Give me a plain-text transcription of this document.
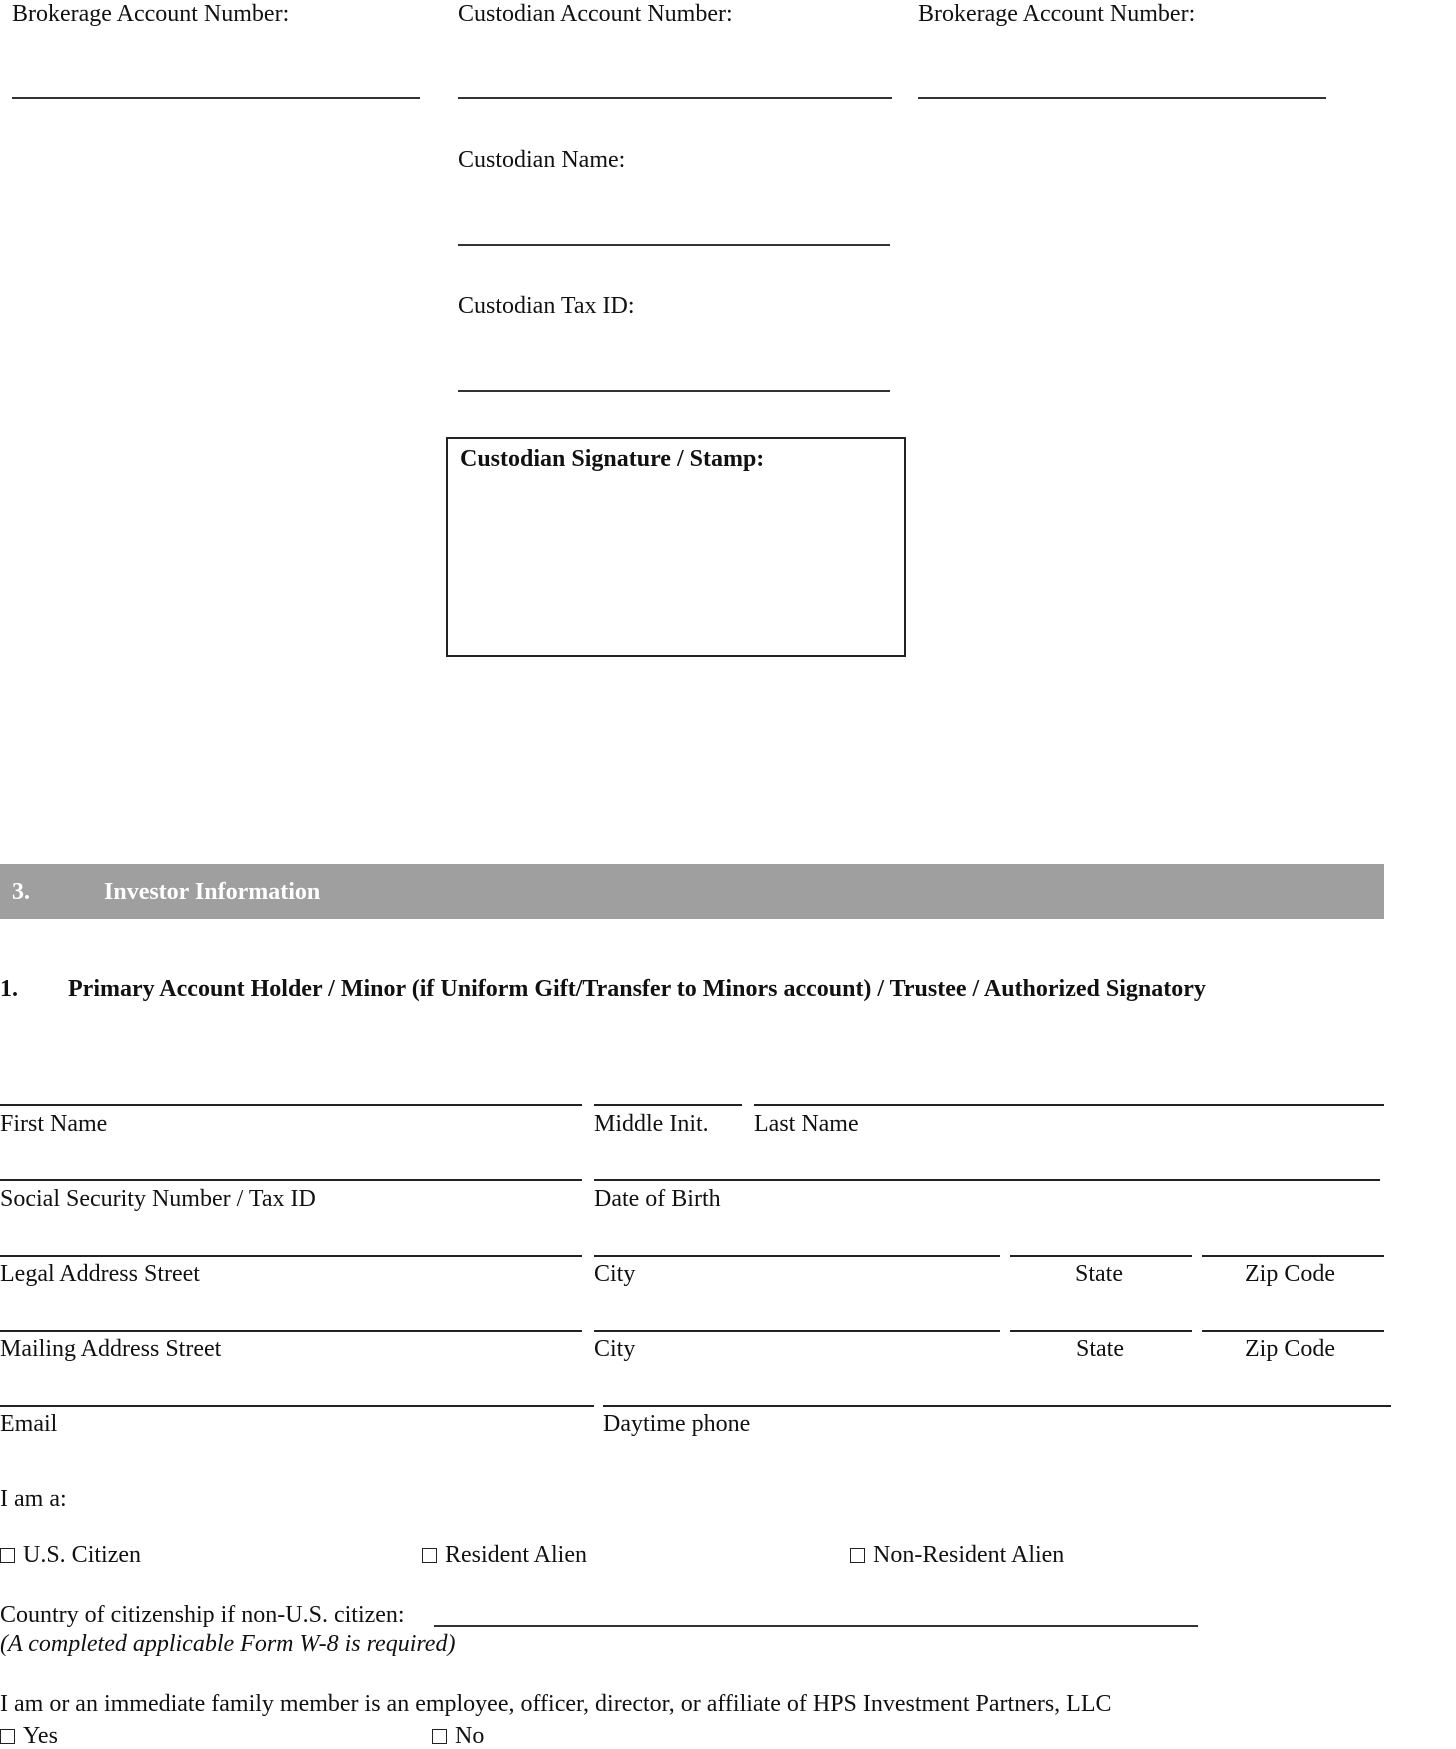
Brokerage Account Number:	Custodian Account Number:	Brokerage Account Number:
Custodian Name:
Custodian Tax ID:
Custodian Signature / Stamp:
3.	Investor Information
1. Primary Account Holder / Minor (if Uniform Gift/Transfer to Minors account) / Trustee / Authorized Signatory
First Name	Middle Init. Last Name
Social Security Number / Tax ID	Date of Birth
Legal Address Street	City	State	Zip Code
Mailing Address Street	City	State	Zip Code
Email	Daytime phone
I am a:
U.S. Citizen	Resident Alien	Non-Resident Alien
Country of citizenship if non-U.S. citizen:
(A completed applicable Form W-8 is required)
I am or an immediate family member is an employee, officer, director, or affiliate of HPS Investment Partners, LLC
Yes	No
